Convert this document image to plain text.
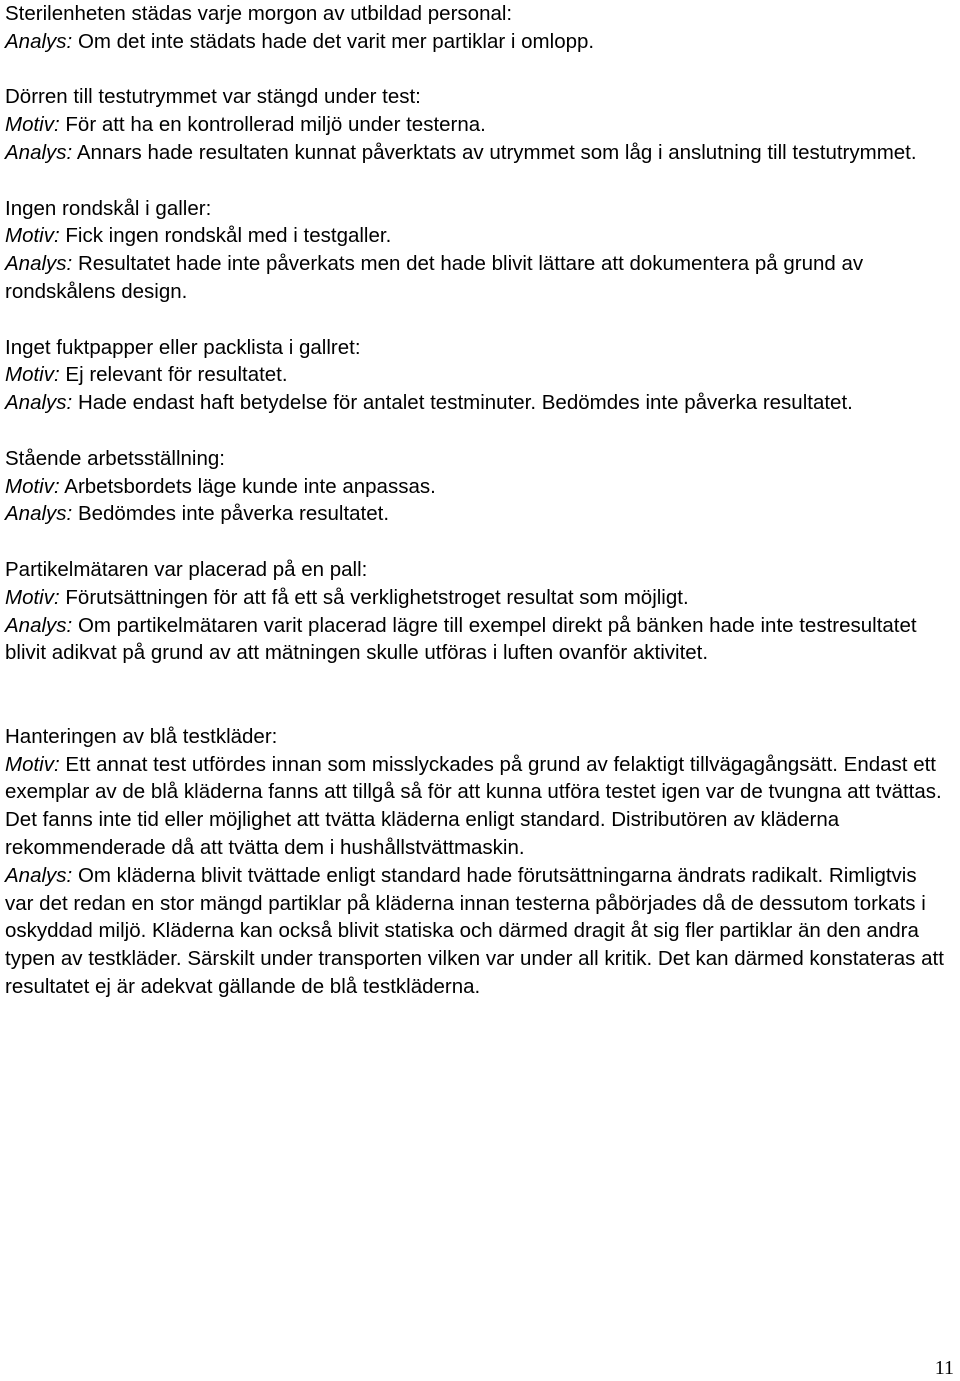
Sterilenheten städas varje morgon av utbildad personal:

Analys: Om det inte städats hade det varit mer partiklar i omlopp.

Dörren till testutrymmet var stängd under test:

Motiv: För att ha en kontrollerad miljö under testerna.

Analys: Annars hade resultaten kunnat påverktats av utrymmet som låg i anslutning till testutrymmet.

Ingen rondskål i galler:

Motiv: Fick ingen rondskål med i testgaller.

Analys: Resultatet hade inte påverkats men det hade blivit lättare att dokumentera på grund av rondskålens design.

Inget fuktpapper eller packlista i gallret:

Motiv: Ej relevant för resultatet.

Analys: Hade endast haft betydelse för antalet testminuter. Bedömdes inte påverka resultatet.

Stående arbetsställning:

Motiv: Arbetsbordets läge kunde inte anpassas.

Analys: Bedömdes inte påverka resultatet.

Partikelmätaren var placerad på en pall:

Motiv: Förutsättningen för att få ett så verklighetstroget resultat som möjligt.

Analys: Om partikelmätaren varit placerad lägre till exempel direkt på bänken hade inte testresultatet blivit adikvat på grund av att mätningen skulle utföras i luften ovanför aktivitet.

Hanteringen av blå testkläder:

Motiv: Ett annat test utfördes innan som misslyckades på grund av felaktigt tillvägagångsätt. Endast ett exemplar av de blå kläderna fanns att tillgå så för att kunna utföra testet igen var de tvungna att tvättas. Det fanns inte tid eller möjlighet att tvätta kläderna enligt standard. Distributören av kläderna rekommenderade då att tvätta dem i hushållstvättmaskin.

Analys: Om kläderna blivit tvättade enligt standard hade förutsättningarna ändrats radikalt. Rimligtvis var det redan en stor mängd partiklar på kläderna innan testerna påbörjades då de dessutom torkats i oskyddad miljö. Kläderna kan också blivit statiska och därmed dragit åt sig fler partiklar än den andra typen av testkläder. Särskilt under transporten vilken var under all kritik. Det kan därmed konstateras att resultatet ej är adekvat gällande de blå testkläderna.

11
